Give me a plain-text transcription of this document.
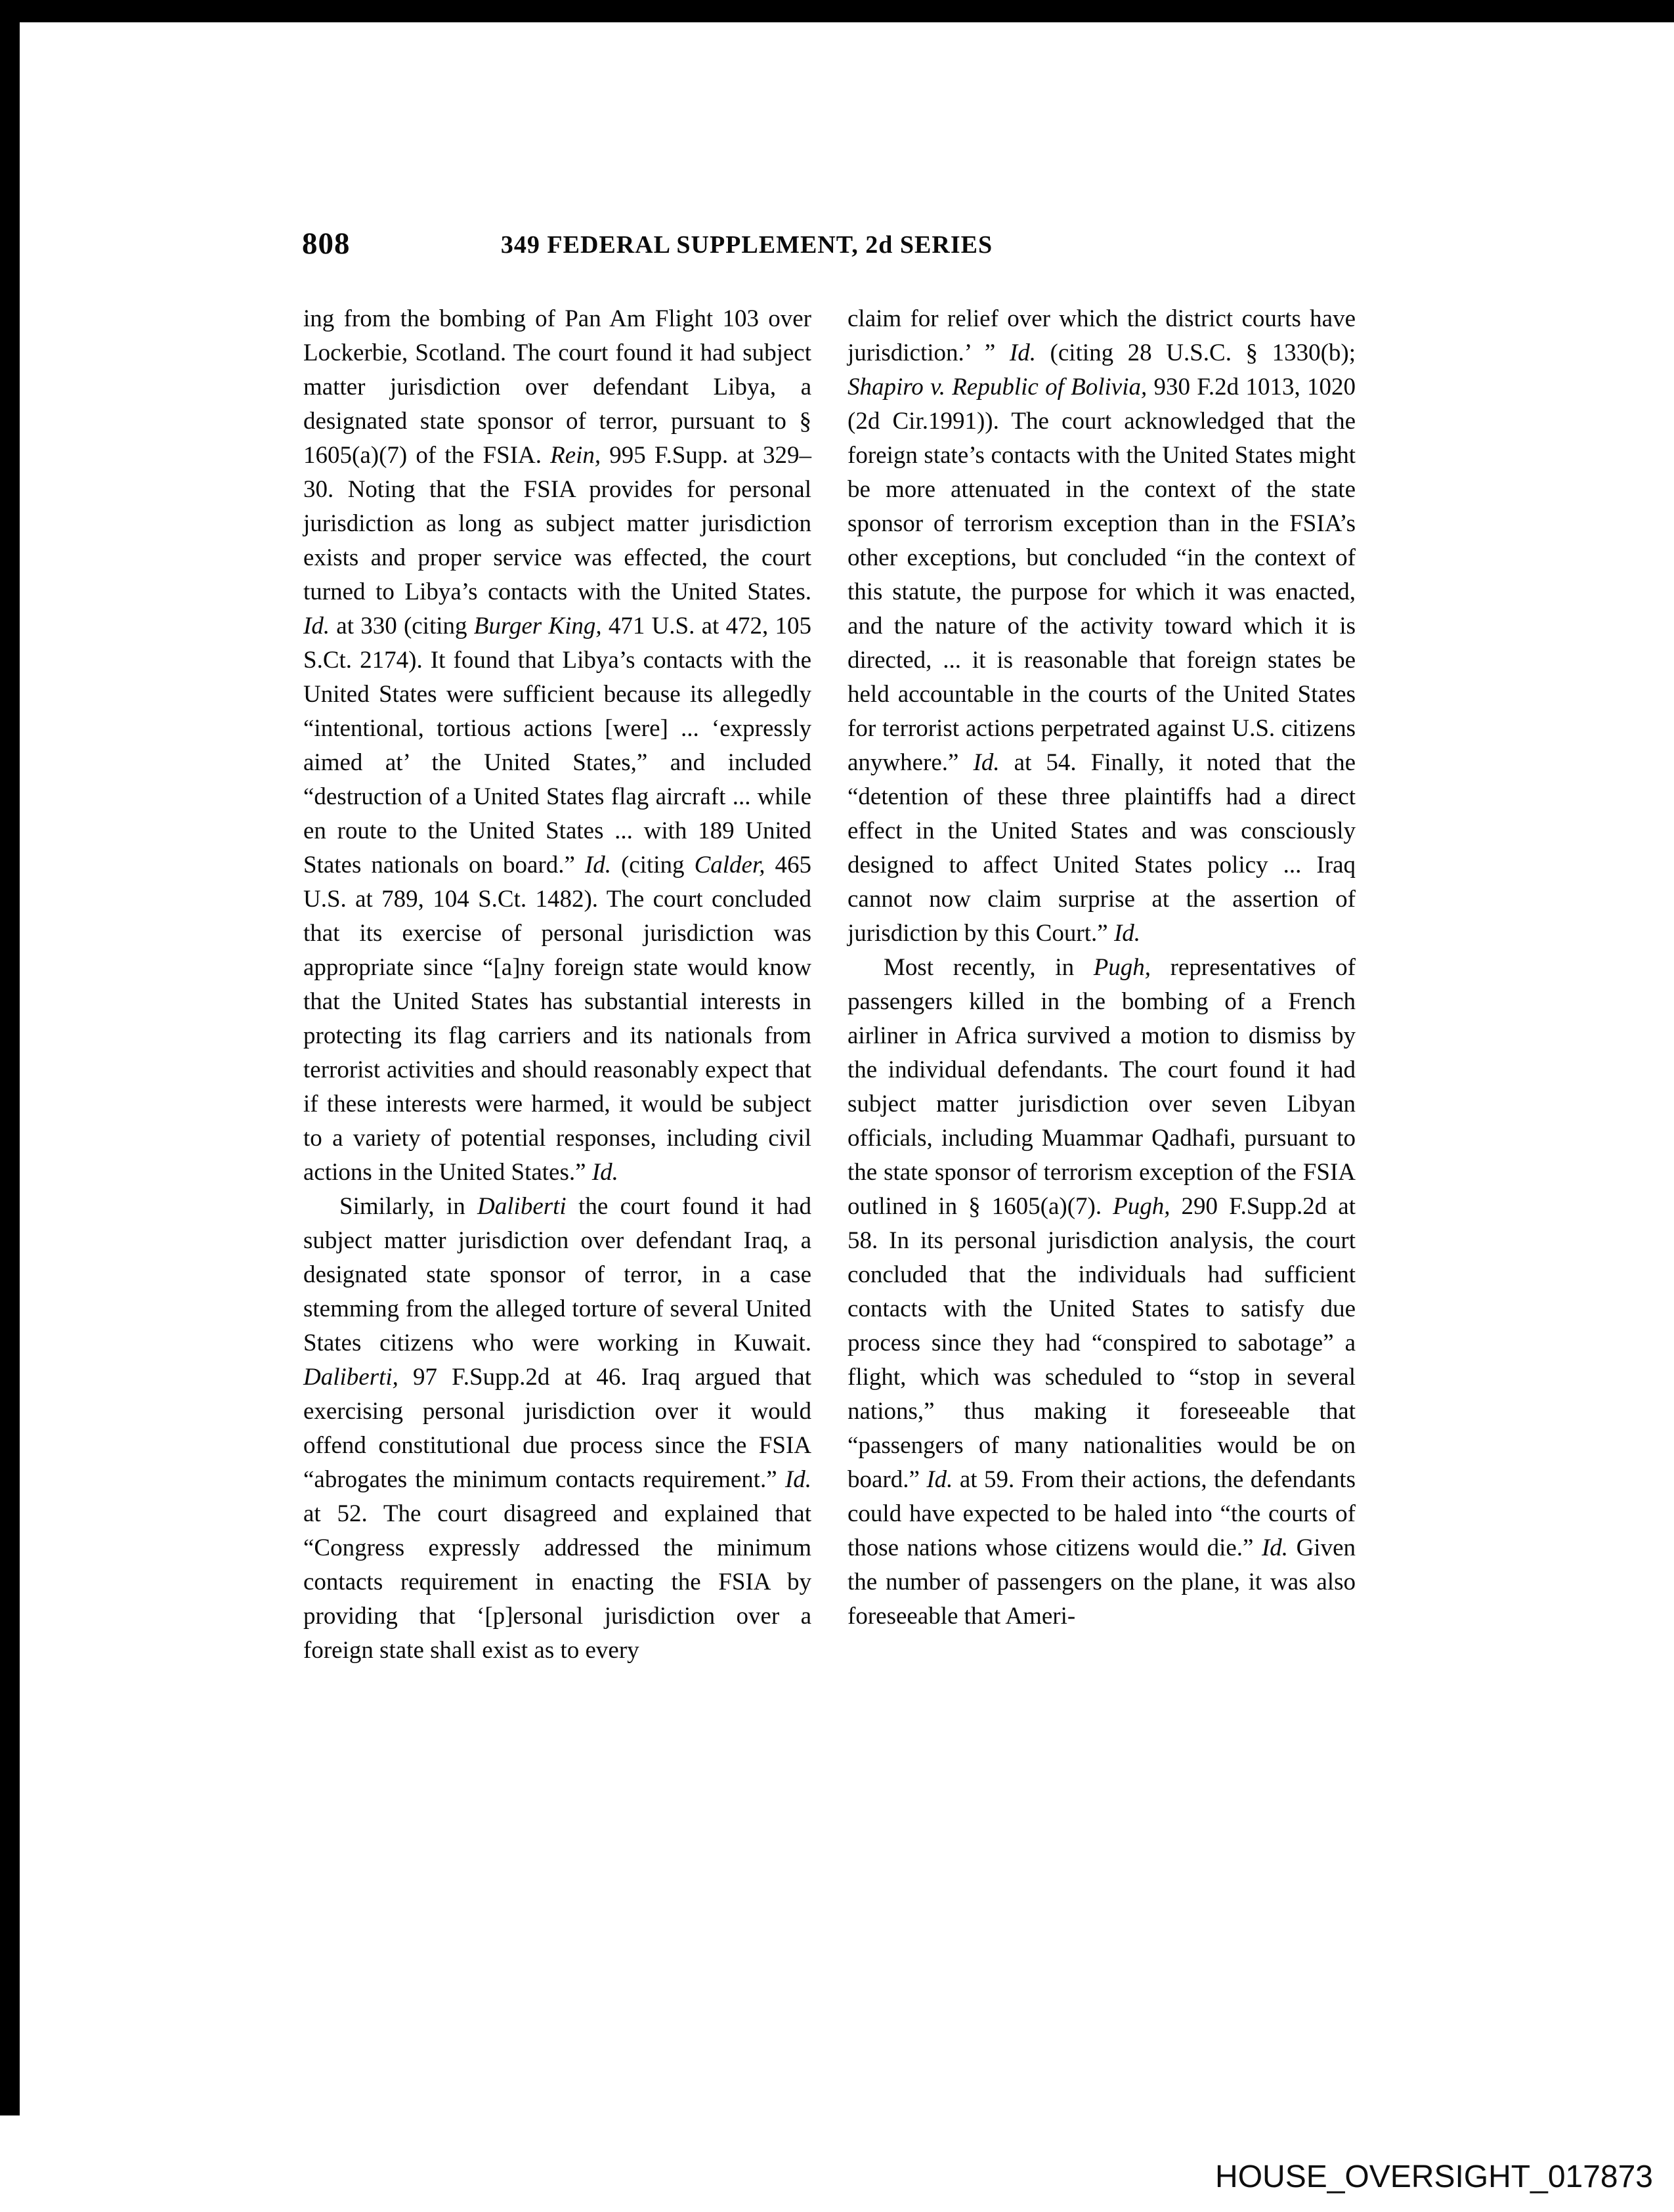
808	349 FEDERAL SUPPLEMENT, 2d SERIES

ing from the bombing of Pan Am Flight 103 over Lockerbie, Scotland. The court found it had subject matter jurisdiction over defendant Libya, a designated state sponsor of terror, pursuant to § 1605(a)(7) of the FSIA. Rein, 995 F.Supp. at 329–30. Noting that the FSIA provides for personal jurisdiction as long as subject matter jurisdiction exists and proper service was effected, the court turned to Libya’s contacts with the United States. Id. at 330 (citing Burger King, 471 U.S. at 472, 105 S.Ct. 2174). It found that Libya’s contacts with the United States were sufficient because its allegedly “intentional, tortious actions [were] ... ‘expressly aimed at’ the United States,” and included “destruction of a United States flag aircraft ... while en route to the United States ... with 189 United States nationals on board.” Id. (citing Calder, 465 U.S. at 789, 104 S.Ct. 1482). The court concluded that its exercise of personal jurisdiction was appropriate since “[a]ny foreign state would know that the United States has substantial interests in protecting its flag carriers and its nationals from terrorist activities and should reasonably expect that if these interests were harmed, it would be subject to a variety of potential responses, including civil actions in the United States.” Id.

Similarly, in Daliberti the court found it had subject matter jurisdiction over defendant Iraq, a designated state sponsor of terror, in a case stemming from the alleged torture of several United States citizens who were working in Kuwait. Daliberti, 97 F.Supp.2d at 46. Iraq argued that exercising personal jurisdiction over it would offend constitutional due process since the FSIA “abrogates the minimum contacts requirement.” Id. at 52. The court disagreed and explained that “Congress expressly addressed the minimum contacts requirement in enacting the FSIA by providing that ‘[p]ersonal jurisdiction over a foreign state shall exist as to every

claim for relief over which the district courts have jurisdiction.’ ” Id. (citing 28 U.S.C. § 1330(b); Shapiro v. Republic of Bolivia, 930 F.2d 1013, 1020 (2d Cir.1991)). The court acknowledged that the foreign state’s contacts with the United States might be more attenuated in the context of the state sponsor of terrorism exception than in the FSIA’s other exceptions, but concluded “in the context of this statute, the purpose for which it was enacted, and the nature of the activity toward which it is directed, ... it is reasonable that foreign states be held accountable in the courts of the United States for terrorist actions perpetrated against U.S. citizens anywhere.” Id. at 54. Finally, it noted that the “detention of these three plaintiffs had a direct effect in the United States and was consciously designed to affect United States policy ... Iraq cannot now claim surprise at the assertion of jurisdiction by this Court.” Id.

Most recently, in Pugh, representatives of passengers killed in the bombing of a French airliner in Africa survived a motion to dismiss by the individual defendants. The court found it had subject matter jurisdiction over seven Libyan officials, including Muammar Qadhafi, pursuant to the state sponsor of terrorism exception of the FSIA outlined in § 1605(a)(7). Pugh, 290 F.Supp.2d at 58. In its personal jurisdiction analysis, the court concluded that the individuals had sufficient contacts with the United States to satisfy due process since they had “conspired to sabotage” a flight, which was scheduled to “stop in several nations,” thus making it foreseeable that “passengers of many nationalities would be on board.” Id. at 59. From their actions, the defendants could have expected to be haled into “the courts of those nations whose citizens would die.” Id. Given the number of passengers on the plane, it was also foreseeable that Ameri-

HOUSE_OVERSIGHT_017873
